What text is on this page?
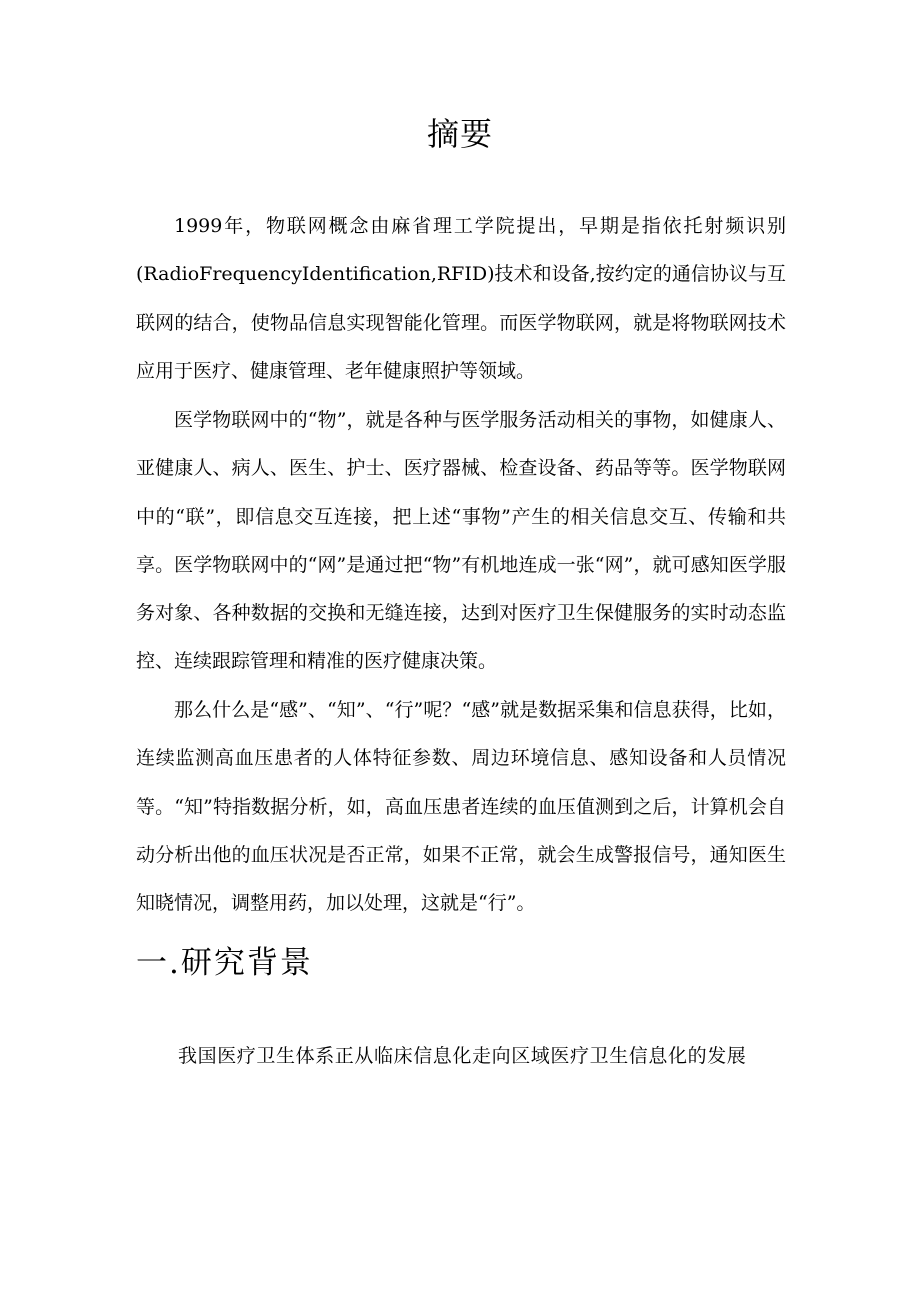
摘要

1999年，物联网概念由麻省理工学院提出，早期是指依托射频识别(RadioFrequencyIdentification,RFID)技术和设备,按约定的通信协议与互联网的结合，使物品信息实现智能化管理。而医学物联网，就是将物联网技术应用于医疗、健康管理、老年健康照护等领域。

医学物联网中的“物”，就是各种与医学服务活动相关的事物，如健康人、亚健康人、病人、医生、护士、医疗器械、检查设备、药品等等。医学物联网中的“联”，即信息交互连接，把上述“事物”产生的相关信息交互、传输和共享。医学物联网中的“网”是通过把“物”有机地连成一张“网”，就可感知医学服务对象、各种数据的交换和无缝连接，达到对医疗卫生保健服务的实时动态监控、连续跟踪管理和精准的医疗健康决策。

那么什么是“感”、“知”、“行”呢？“感”就是数据采集和信息获得，比如，连续监测高血压患者的人体特征参数、周边环境信息、感知设备和人员情况等。“知”特指数据分析，如，高血压患者连续的血压值测到之后，计算机会自动分析出他的血压状况是否正常，如果不正常，就会生成警报信号，通知医生知晓情况，调整用药，加以处理，这就是“行”。

一.研究背景

我国医疗卫生体系正从临床信息化走向区域医疗卫生信息化的发展
